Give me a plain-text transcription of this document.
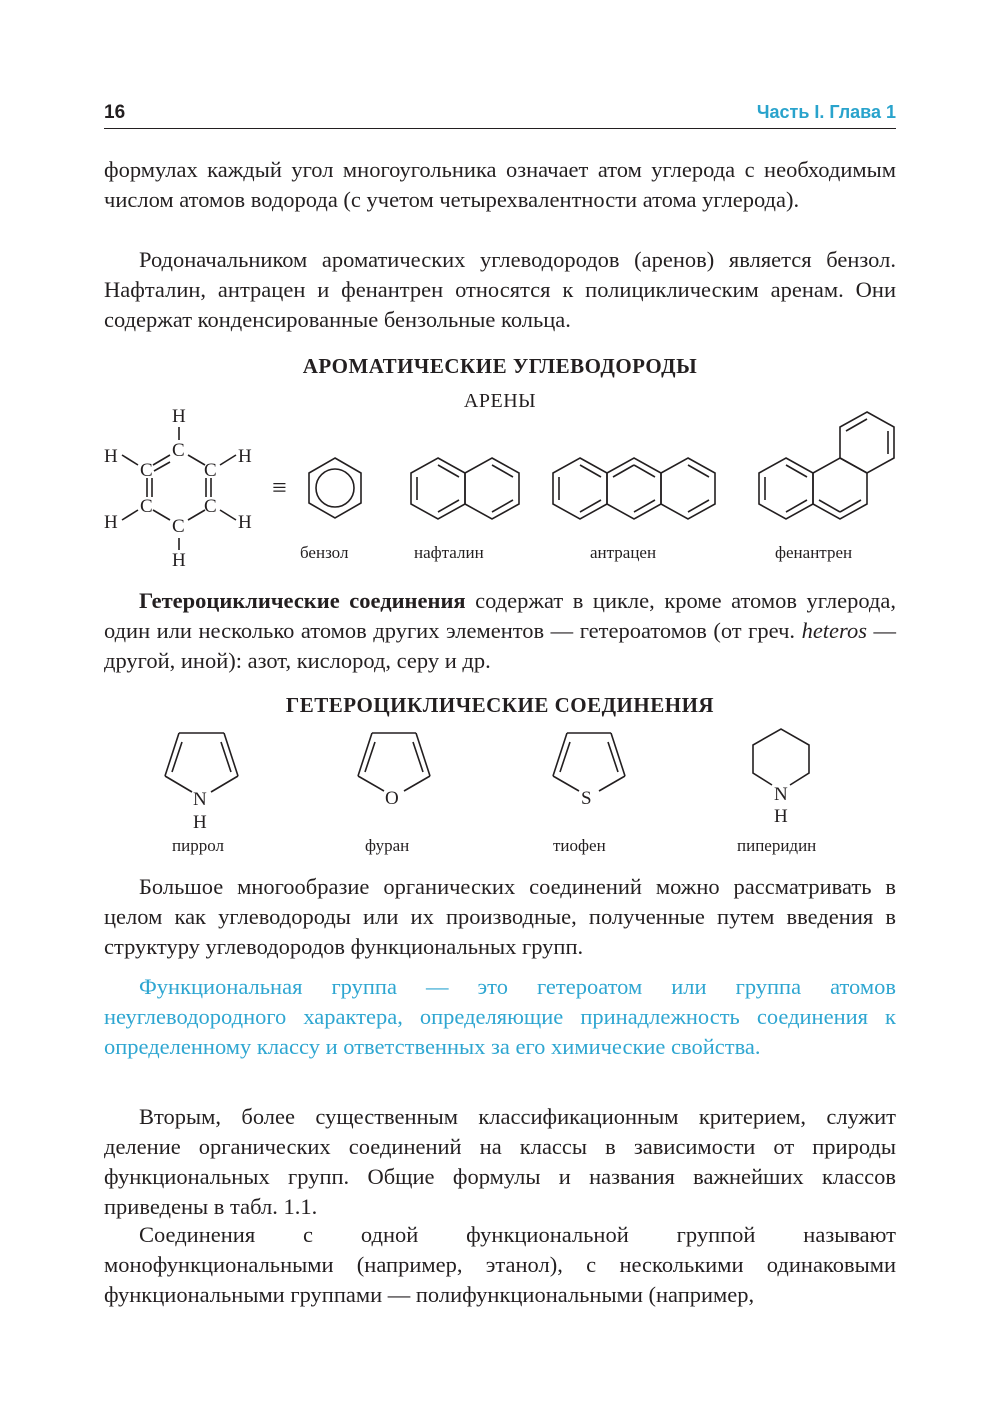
16	Часть I. Глава 1

формулах каждый угол многоугольника означает атом углерода с необходимым числом атомов водорода (с учетом четырехвалентности атома углерода).

Родоначальником ароматических углеводородов (аренов) является бензол. Нафталин, антрацен и фенантрен относятся к полициклическим аренам. Они содержат конденсированные бензольные кольца.

АРОМАТИЧЕСКИЕ УГЛЕВОДОРОДЫ
АРЕНЫ
H
C
C	C
C	C
C
H	H
H	H
H
≡
бензол	нафталин	антрацен	фенантрен
N
H
O	S	N
H
пиррол	фуран	тиофен	пиперидин

Гетероциклические соединения содержат в цикле, кроме атомов углерода, один или несколько атомов других элементов — гетероатомов (от греч. heteros — другой, иной): азот, кислород, серу и др.

ГЕТЕРОЦИКЛИЧЕСКИЕ СОЕДИНЕНИЯ

Большое многообразие органических соединений можно рассматривать в целом как углеводороды или их производные, полученные путем введения в структуру углеводородов функциональных групп.

Функциональная группа — это гетероатом или группа атомов неуглеводородного характера, определяющие принадлежность соединения к определенному классу и ответственных за его химические свойства.

Вторым, более существенным классификационным критерием, служит деление органических соединений на классы в зависимости от природы функциональных групп. Общие формулы и названия важнейших классов приведены в табл. 1.1.

Соединения с одной функциональной группой называют монофункциональными (например, этанол), с несколькими одинаковыми функциональными группами — полифункциональными (например,
